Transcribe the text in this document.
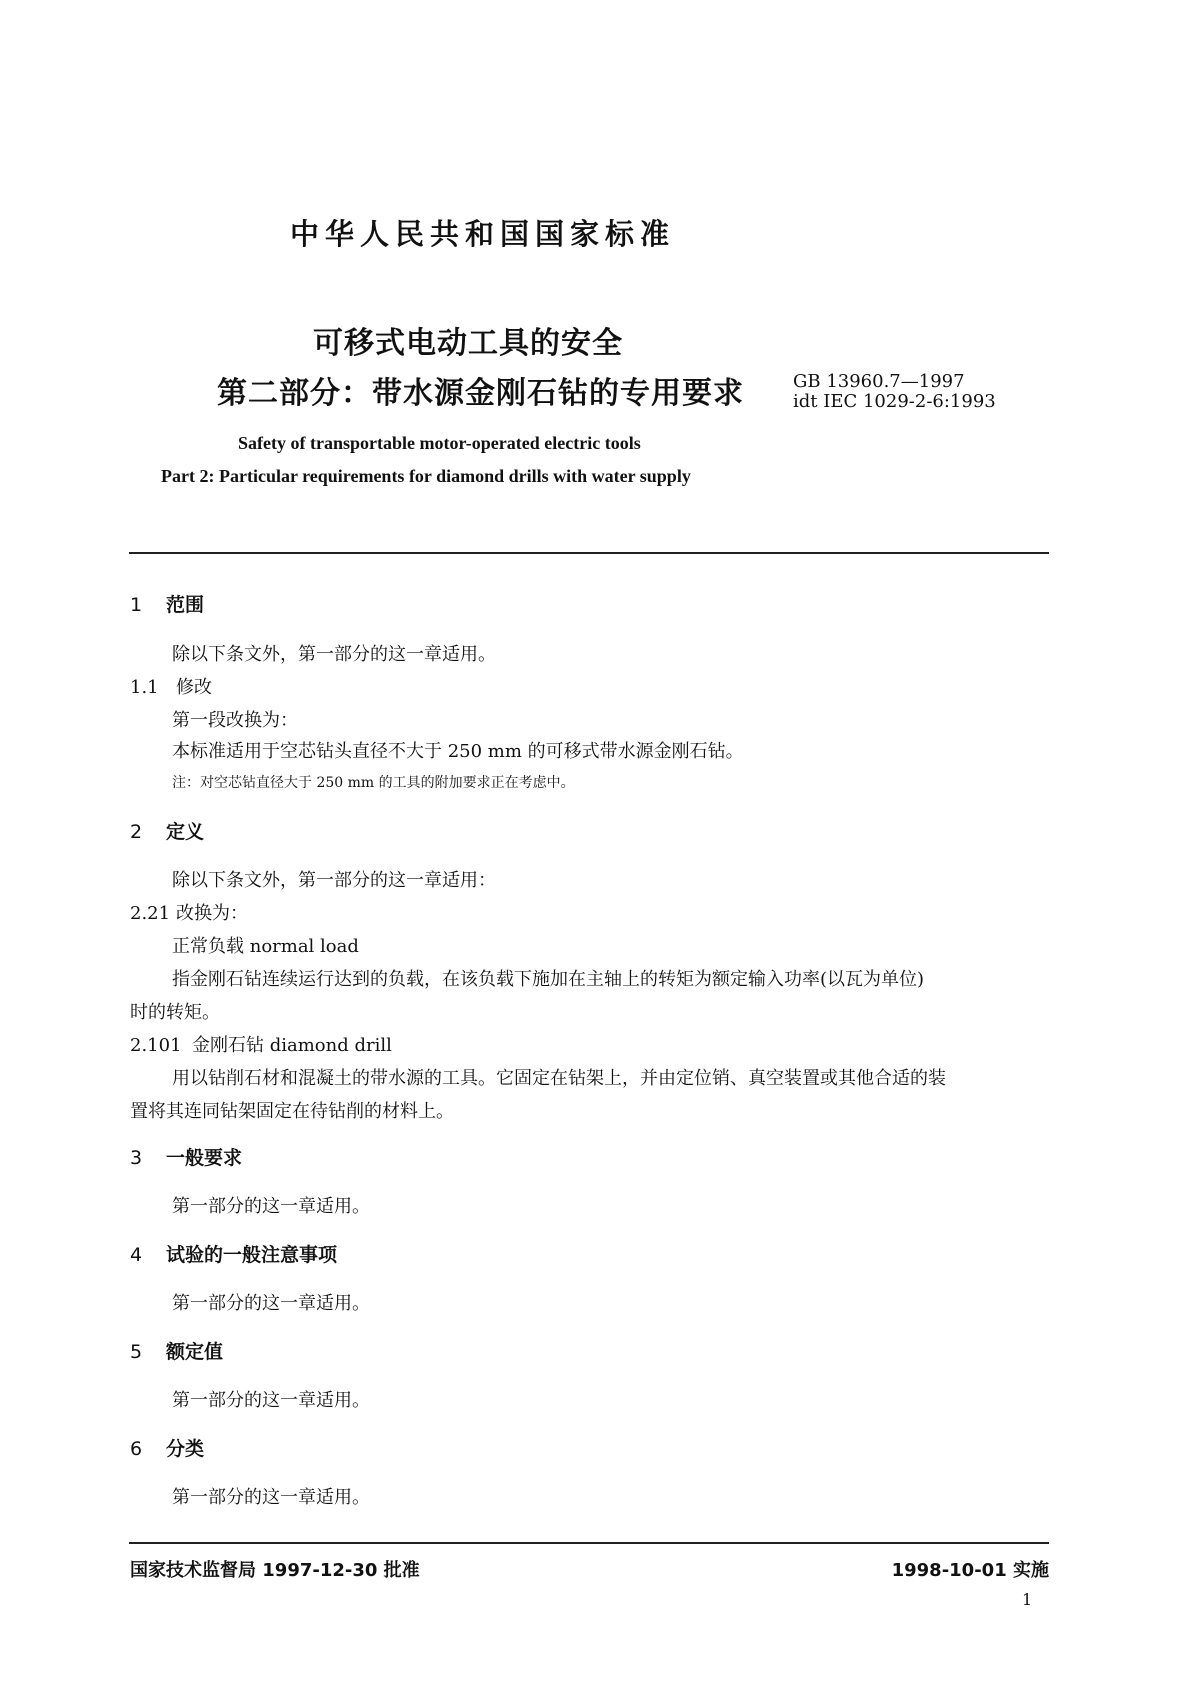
中华人民共和国国家标准
可移式电动工具的安全
第二部分：带水源金刚石钻的专用要求	GB 13960.7—1997
idt IEC 1029-2-6:1993
Safety of transportable motor-operated electric tools
Part 2: Particular requirements for diamond drills with water supply
1 范围
除以下条文外，第一部分的这一章适用。
1.1 修改
第一段改换为：
本标准适用于空芯钻头直径不大于 250 mm 的可移式带水源金刚石钻。
注：对空芯钻直径大于 250 mm 的工具的附加要求正在考虑中。
2 定义
除以下条文外，第一部分的这一章适用：
2.21 改换为：
正常负载 normal load
指金刚石钻连续运行达到的负载，在该负载下施加在主轴上的转矩为额定输入功率(以瓦为单位)
时的转矩。
2.101 金刚石钻 diamond drill
用以钻削石材和混凝土的带水源的工具。它固定在钻架上，并由定位销、真空装置或其他合适的装
置将其连同钻架固定在待钻削的材料上。
3 一般要求
第一部分的这一章适用。
4 试验的一般注意事项
第一部分的这一章适用。
5 额定值
第一部分的这一章适用。
6 分类
第一部分的这一章适用。
国家技术监督局 1997-12-30 批准	1998-10-01 实施
1
